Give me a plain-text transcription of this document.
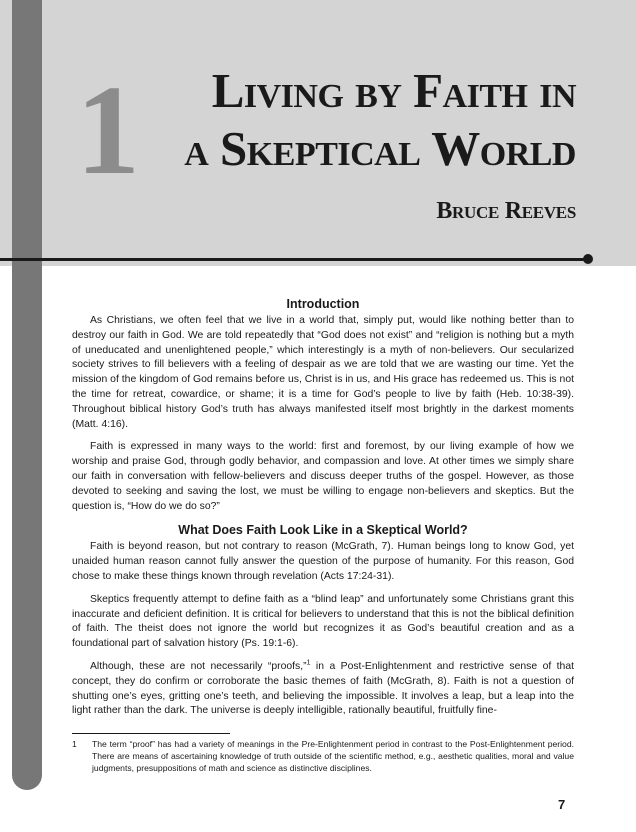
1	Living by Faith in
a Skeptical World
Bruce Reeves
Introduction

As Christians, we often feel that we live in a world that, simply put, would like nothing better than to destroy our faith in God. We are told repeatedly that “God does not exist” and “religion is nothing but a myth of uneducated and unenlightened people,” which interestingly is a myth of non-believers. Our secularized society strives to fill believers with a feeling of despair as we are told that we are wasting our time. Yet the mission of the kingdom of God remains before us, Christ is in us, and His grace has redeemed us. This is not the time for retreat, cowardice, or shame; it is a time for God’s people to live by faith (Heb. 10:38-39). Throughout biblical history God’s truth has always manifested itself most brightly in the darkest moments (Matt. 4:16).

Faith is expressed in many ways to the world: first and foremost, by our living example of how we worship and praise God, through godly behavior, and compassion and love. At other times we simply share our faith in conversation with fellow-believers and discuss deeper truths of the gospel. However, as those devoted to seeking and saving the lost, we must be willing to engage non-believers and skeptics. But the question is, “How do we do so?”

What Does Faith Look Like in a Skeptical World?

Faith is beyond reason, but not contrary to reason (McGrath, 7). Human beings long to know God, yet unaided human reason cannot fully answer the question of the purpose of humanity. For this reason, God chose to make these things known through revelation (Acts 17:24-31).

Skeptics frequently attempt to define faith as a “blind leap” and unfortunately some Christians grant this inaccurate and deficient definition. It is critical for believers to understand that this is not the biblical definition of faith. The theist does not ignore the world but recognizes it as God’s beautiful creation and as a foundational part of salvation history (Ps. 19:1-6).

Although, these are not necessarily “proofs,”$^1$ in a Post-Enlightenment and restrictive sense of that concept, they do confirm or corroborate the basic themes of faith (McGrath, 8). Faith is not a question of shutting one’s eyes, gritting one’s teeth, and believing the impossible. It involves a leap, but a leap into the light rather than the dark. The universe is deeply intelligible, rationally beautiful, fruitfully fine-

1	The term “proof” has had a variety of meanings in the Pre-Enlightenment period in contrast to the Post-Enlightenment period. There are means of ascertaining knowledge of truth outside of the scientific method, e.g., aesthetic qualities, moral and value judgments, presuppositions of math and science as distinctive disciplines.
7
